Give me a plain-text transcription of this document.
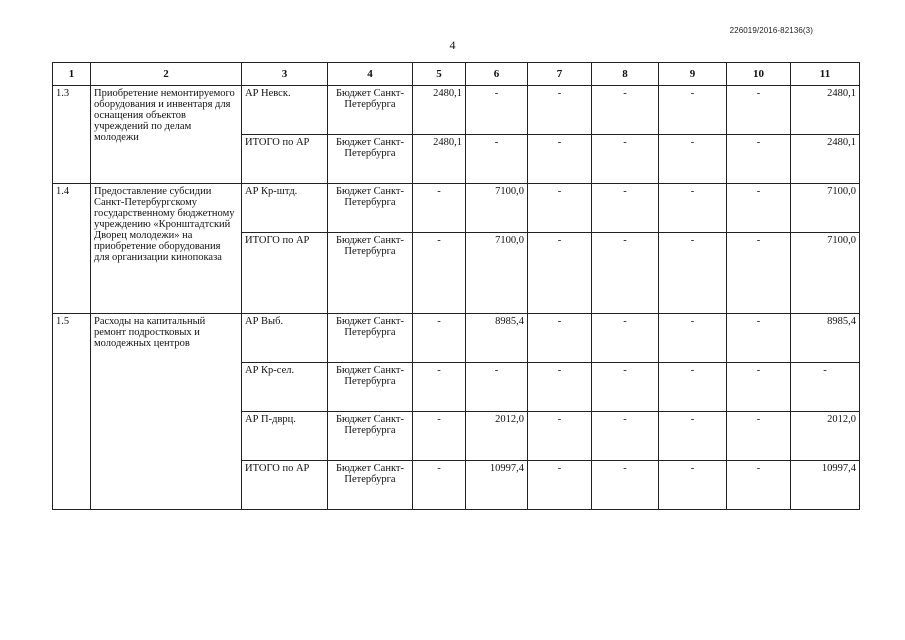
226019/2016-82136(3)
4
1	2	3	4	5	6	7	8	9	10	11
1.3	Приобретение немонтируемого оборудования и инвентаря для оснащения объектов учреждений по делам молодежи	АР Невск.	Бюджет Санкт-Петербурга	2480,1	-	-	-	-	-	2480,1
		ИТОГО по АР	Бюджет Санкт-Петербурга	2480,1	-	-	-	-	-	2480,1
1.4	Предоставление субсидии Санкт-Петербургскому государственному бюджетному учреждению «Кронштадтский Дворец молодежи» на приобретение оборудования для организации кинопоказа	АР Кр-штд.	Бюджет Санкт-Петербурга	-	7100,0	-	-	-	-	7100,0
		ИТОГО по АР	Бюджет Санкт-Петербурга	-	7100,0	-	-	-	-	7100,0
1.5	Расходы на капитальный ремонт подростковых и молодежных центров	АР Выб.	Бюджет Санкт-Петербурга	-	8985,4	-	-	-	-	8985,4
		АР Кр-сел.	Бюджет Санкт-Петербурга	-	-	-	-	-	-	-
		АР П-дврц.	Бюджет Санкт-Петербурга	-	2012,0	-	-	-	-	2012,0
		ИТОГО по АР	Бюджет Санкт-Петербурга	-	10997,4	-	-	-	-	10997,4
